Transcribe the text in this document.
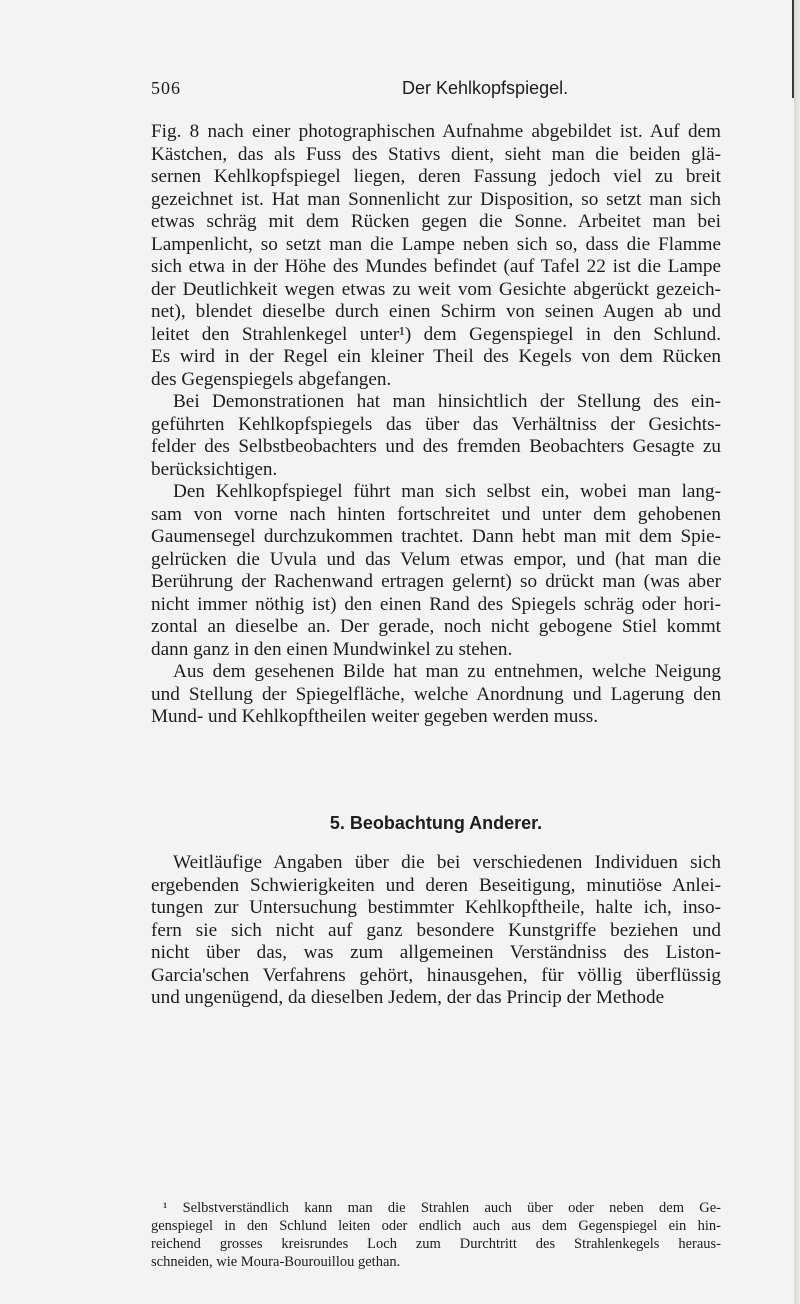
506	Der Kehlkopfspiegel.
Fig. 8 nach einer photographischen Aufnahme abgebildet ist. Auf dem
Kästchen, das als Fuss des Stativs dient, sieht man die beiden glä-
sernen Kehlkopfspiegel liegen, deren Fassung jedoch viel zu breit
gezeichnet ist. Hat man Sonnenlicht zur Disposition, so setzt man sich
etwas schräg mit dem Rücken gegen die Sonne. Arbeitet man bei
Lampenlicht, so setzt man die Lampe neben sich so, dass die Flamme
sich etwa in der Höhe des Mundes befindet (auf Tafel 22 ist die Lampe
der Deutlichkeit wegen etwas zu weit vom Gesichte abgerückt gezeich-
net), blendet dieselbe durch einen Schirm von seinen Augen ab und
leitet den Strahlenkegel unter¹) dem Gegenspiegel in den Schlund.
Es wird in der Regel ein kleiner Theil des Kegels von dem Rücken
des Gegenspiegels abgefangen.
Bei Demonstrationen hat man hinsichtlich der Stellung des ein-
geführten Kehlkopfspiegels das über das Verhältniss der Gesichts-
felder des Selbstbeobachters und des fremden Beobachters Gesagte zu
berücksichtigen.
Den Kehlkopfspiegel führt man sich selbst ein, wobei man lang-
sam von vorne nach hinten fortschreitet und unter dem gehobenen
Gaumensegel durchzukommen trachtet. Dann hebt man mit dem Spie-
gelrücken die Uvula und das Velum etwas empor, und (hat man die
Berührung der Rachenwand ertragen gelernt) so drückt man (was aber
nicht immer nöthig ist) den einen Rand des Spiegels schräg oder hori-
zontal an dieselbe an. Der gerade, noch nicht gebogene Stiel kommt
dann ganz in den einen Mundwinkel zu stehen.
Aus dem gesehenen Bilde hat man zu entnehmen, welche Neigung
und Stellung der Spiegelfläche, welche Anordnung und Lagerung den
Mund- und Kehlkopftheilen weiter gegeben werden muss.
5. Beobachtung Anderer.
Weitläufige Angaben über die bei verschiedenen Individuen sich
ergebenden Schwierigkeiten und deren Beseitigung, minutiöse Anlei-
tungen zur Untersuchung bestimmter Kehlkopftheile, halte ich, inso-
fern sie sich nicht auf ganz besondere Kunstgriffe beziehen und
nicht über das, was zum allgemeinen Verständniss des Liston-
Garcia'schen Verfahrens gehört, hinausgehen, für völlig überflüssig
und ungenügend, da dieselben Jedem, der das Princip der Methode
¹ Selbstverständlich kann man die Strahlen auch über oder neben dem Ge-
genspiegel in den Schlund leiten oder endlich auch aus dem Gegenspiegel ein hin-
reichend grosses kreisrundes Loch zum Durchtritt des Strahlenkegels heraus-
schneiden, wie Moura-Bourouillou gethan.
